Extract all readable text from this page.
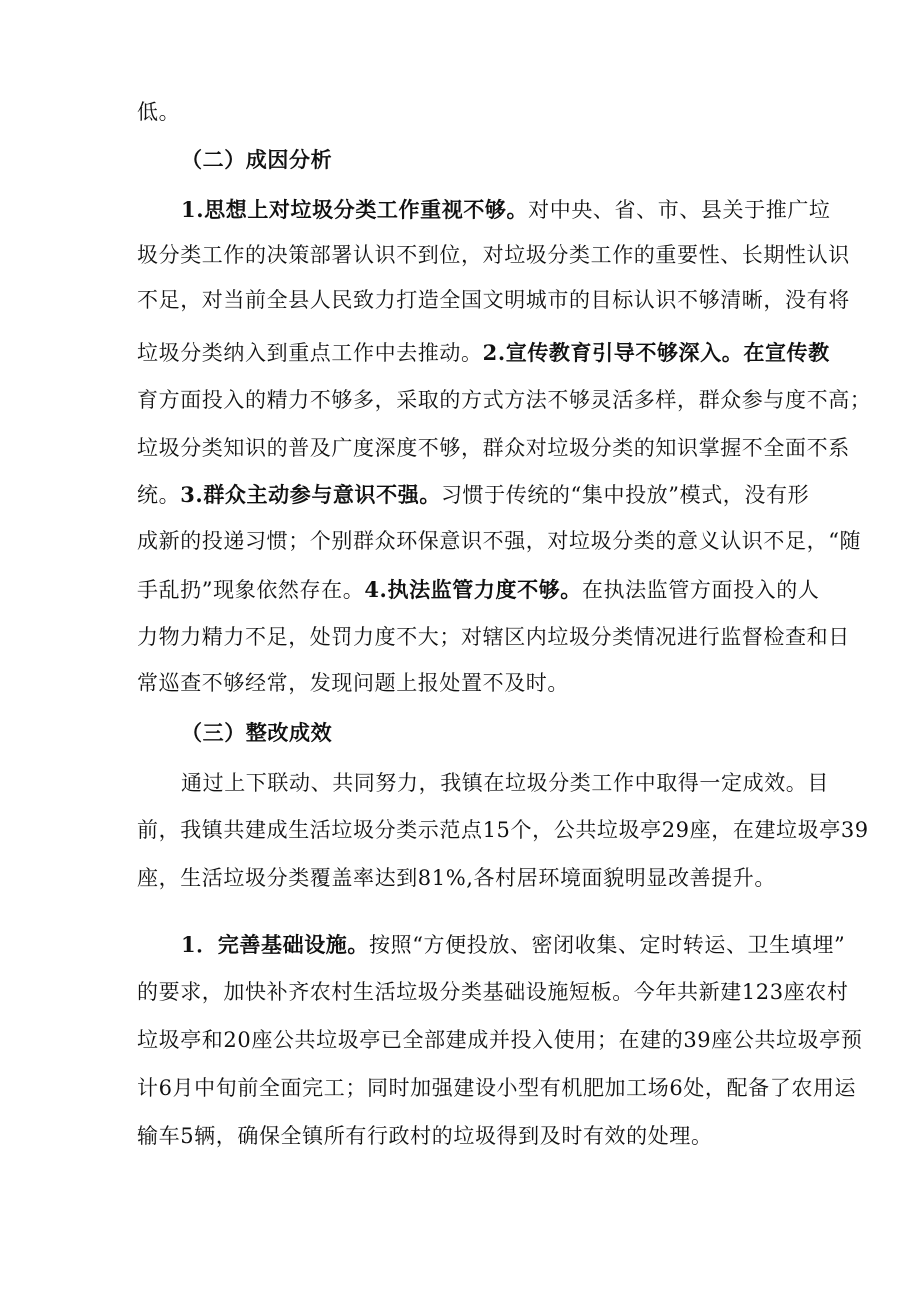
低。
（二）成因分析
1.思想上对垃圾分类工作重视不够。对中央、省、市、县关于推广垃
圾分类工作的决策部署认识不到位，对垃圾分类工作的重要性、长期性认识
不足，对当前全县人民致力打造全国文明城市的目标认识不够清晰，没有将
垃圾分类纳入到重点工作中去推动。2.宣传教育引导不够深入。在宣传教
育方面投入的精力不够多，采取的方式方法不够灵活多样，群众参与度不高；
垃圾分类知识的普及广度深度不够，群众对垃圾分类的知识掌握不全面不系
统。3.群众主动参与意识不强。习惯于传统的“集中投放”模式，没有形
成新的投递习惯；个别群众环保意识不强，对垃圾分类的意义认识不足，“随
手乱扔”现象依然存在。4.执法监管力度不够。在执法监管方面投入的人
力物力精力不足，处罚力度不大；对辖区内垃圾分类情况进行监督检查和日
常巡查不够经常，发现问题上报处置不及时。
（三）整改成效
通过上下联动、共同努力，我镇在垃圾分类工作中取得一定成效。目
前，我镇共建成生活垃圾分类示范点15个，公共垃圾亭29座，在建垃圾亭39
座，生活垃圾分类覆盖率达到81%,各村居环境面貌明显改善提升。
1．完善基础设施。按照“方便投放、密闭收集、定时转运、卫生填埋”
的要求，加快补齐农村生活垃圾分类基础设施短板。今年共新建123座农村
垃圾亭和20座公共垃圾亭已全部建成并投入使用；在建的39座公共垃圾亭预
计6月中旬前全面完工；同时加强建设小型有机肥加工场6处，配备了农用运
输车5辆，确保全镇所有行政村的垃圾得到及时有效的处理。
